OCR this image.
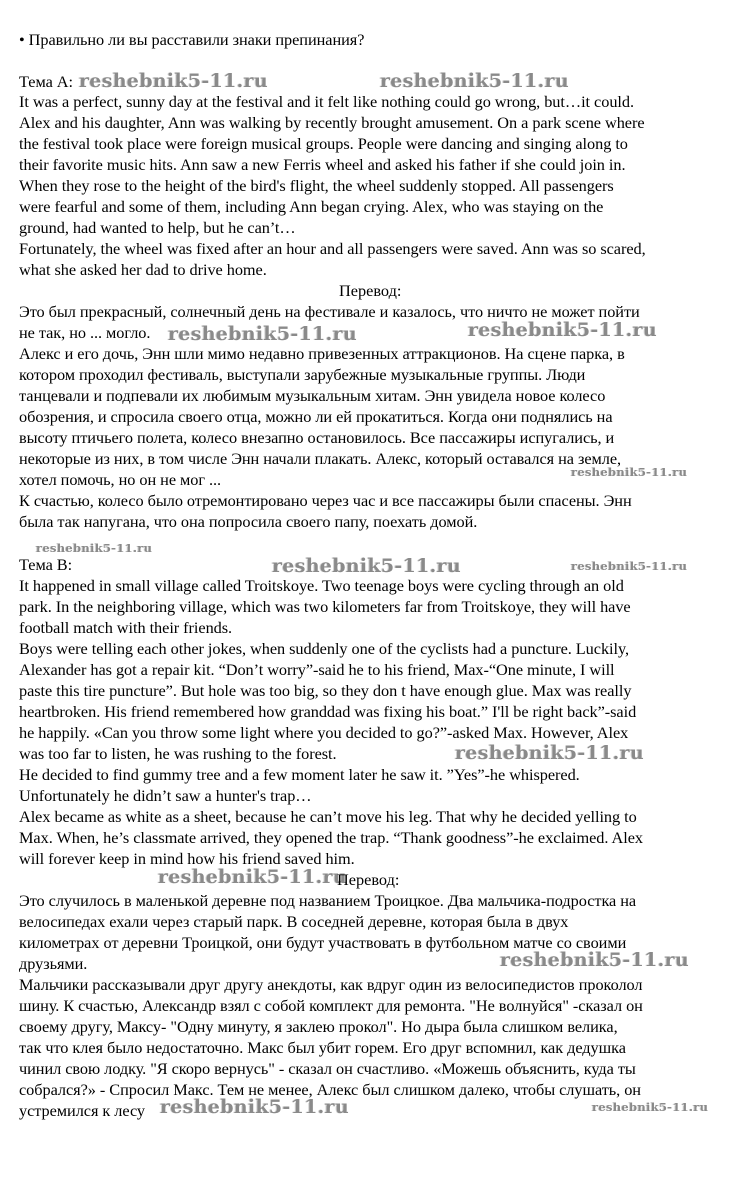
• Правильно ли вы расставили знаки препинания?
Тема А: reshebnik5-11.ru	reshebnik5-11.ru
It was a perfect, sunny day at the festival and it felt like nothing could go wrong, but…it could.
Alex and his daughter, Ann was walking by recently brought amusement. On a park scene where
the festival took place were foreign musical groups. People were dancing and singing along to
their favorite music hits. Ann saw a new Ferris wheel and asked his father if she could join in.
When they rose to the height of the bird's flight, the wheel suddenly stopped. All passengers
were fearful and some of them, including Ann began crying. Alex, who was staying on the
ground, had wanted to help, but he can’t…
Fortunately, the wheel was fixed after an hour and all passengers were saved. Ann was so scared,
what she asked her dad to drive home.
Перевод:
Это был прекрасный, солнечный день на фестивале и казалось, что ничто не может пойти
не так, но ... могло. reshebnik5-11.ru	reshebnik5-11.ru
Алекс и его дочь, Энн шли мимо недавно привезенных аттракционов. На сцене парка, в
котором проходил фестиваль, выступали зарубежные музыкальные группы. Люди
танцевали и подпевали их любимым музыкальным хитам. Энн увидела новое колесо
обозрения, и спросила своего отца, можно ли ей прокатиться. Когда они поднялись на
высоту птичьего полета, колесо внезапно остановилось. Все пассажиры испугались, и
некоторые из них, в том числе Энн начали плакать. Алекс, который оставался на земле,
хотел помочь, но он не мог ...	reshebnik5-11.ru
К счастью, колесо было отремонтировано через час и все пассажиры были спасены. Энн
была так напугана, что она попросила своего папу, поехать домой.
reshebnik5-11.ru
Тема В:	reshebnik5-11.ru	reshebnik5-11.ru
It happened in small village called Troitskoye. Two teenage boys were cycling through an old
park. In the neighboring village, which was two kilometers far from Troitskoye, they will have
football match with their friends.
Boys were telling each other jokes, when suddenly one of the cyclists had a puncture. Luckily,
Alexander has got a repair kit. “Don’t worry”-said he to his friend, Max-“One minute, I will
paste this tire puncture”. But hole was too big, so they don t have enough glue. Max was really
heartbroken. His friend remembered how granddad was fixing his boat.” I'll be right back”-said
he happily. «Can you throw some light where you decided to go?”-asked Max. However, Alex
was too far to listen, he was rushing to the forest.	reshebnik5-11.ru
He decided to find gummy tree and a few moment later he saw it. ”Yes”-he whispered.
Unfortunately he didn’t saw a hunter's trap…
Alex became as white as a sheet, because he can’t move his leg. That why he decided yelling to
Max. When, he’s classmate arrived, they opened the trap. “Thank goodness”-he exclaimed. Alex
will forever keep in mind how his friend saved him.
reshebnik5-11.ru
Перевод:
Это случилось в маленькой деревне под названием Троицкое. Два мальчика-подростка на
велосипедах ехали через старый парк. В соседней деревне, которая была в двух
километрах от деревни Троицкой, они будут участвовать в футбольном матче со своими
друзьями.	reshebnik5-11.ru
Мальчики рассказывали друг другу анекдоты, как вдруг один из велосипедистов проколол
шину. К счастью, Александр взял с собой комплект для ремонта. "Не волнуйся" -сказал он
своему другу, Максу- "Одну минуту, я заклею прокол". Но дыра была слишком велика,
так что клея было недостаточно. Макс был убит горем. Его друг вспомнил, как дедушка
чинил свою лодку. "Я скоро вернусь" - сказал он счастливо. «Можешь объяснить, куда ты
собрался?» - Спросил Макс. Тем не менее, Алекс был слишком далеко, чтобы слушать, он
устремился к лесу reshebnik5-11.ru	reshebnik5-11.ru
